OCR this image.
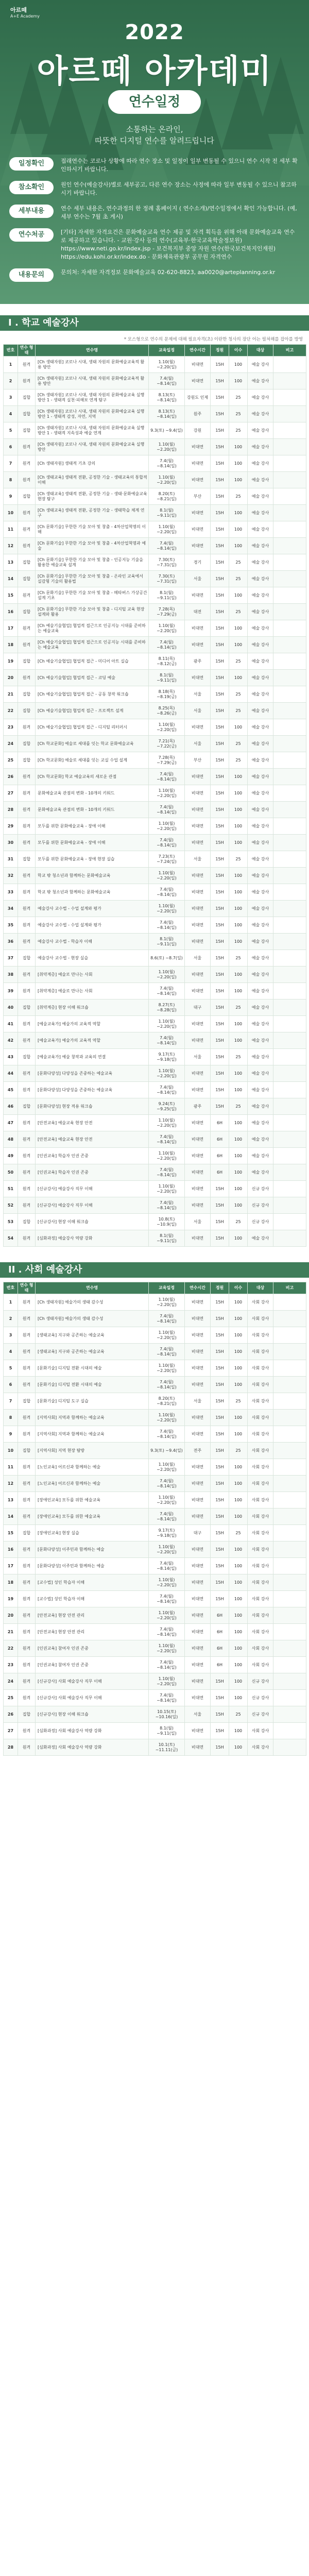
아르떼
A+E Academy
2022
아르떼 아카데미
연수일정
소통하는 온라인,
따뜻한 디지털 연수를 알려드립니다
일정확인	접래연수는 코로나 상황에 따라 연수 장소 및 일정이 일부 변동될 수 있으니 연수 시작 전 세부 확인하시기 바랍니다.
참소확인	원인 연수(예술강사)별로 세부공고, 다른 연수 장소는 사정에 따라 일부 변동될 수 있으니 참고하시기 바랍니다.
세부내용	연수 세부 내용은, 연수과정의 한 정례 홈페이지 ( 연수소개)/연수일정에서 확인 가능합니다. (예, 세부 연수는 7월 초 게시)
연수처공	[기타] 자세한 자격요건은 문화예술교육 연수 제공 및 자격 획득을 위해 아래 문화예술교육 연수로 제공하고 있습니다. - 교원·강사 등의 연수(교육부·한국교육학술정보원) https://www.neti.go.kr/index.jsp - 보건복지부 중앙 자원 연수(한국보건복지인재원) https://edu.kohi.or.kr/index.do - 문화체육관광부 공무원 자격연수
내용문의	문의처: 자세한 자격정보 문화예술교육 02-620-8823, aa0020@arteplanning.or.kr
I . 학교 예술강사
* 모스형으로 연수의 문제에 대해 필요자격(초) 이란한 청사의 장단 어는 필쳐해를 잡아를 방영
번호	연수 형태	연수명	교육일정	연수시간	정원	이수	대상	비고
1	원격	[Ch 생태자원] 코로나 시대, 생태 자원의 문화예술교육적 활용 방안	1.10(월) ~2.20(일)	비대면	15H	100	예술 강사	
2	원격	[Ch 생태자원] 코로나 시대, 생태 자원의 문화예술교육적 활용 방안	7.4(월) ~8.14(일)	비대면	15H	100	예술 강사	
3	집합	[Ch 생태자원] 코로나 시대, 생태 자원의 문화예술교육 실행 방안 1 - 생태적 실천·피해보 연계 탐구	8.13(토) ~8.14(일)	강원도 인제	15H	25	예술 강사	
4	집합	[Ch 생태자원] 코로나 시대, 생태 자원의 문화예술교육 실행 방안 1 - 생태적 감성, 자연, 지역	8.13(토) ~8.14(일)	원주	15H	25	예술 강사	
5	집합	[Ch 생태자원] 코로나 시대, 생태 자원의 문화예술교육 실행 방안 1 - 생태적 지속성과 예술 연계	9.3(토) ~9.4(일)	강원	15H	25	예술 강사	
6	원격	[Ch 생태자원] 코로나 시대, 생태 자원의 문화예술교육 실행 방안	1.10(월) ~2.20(일)	비대면	15H	100	예술 강사	
7	원격	[Ch 생태자원] 생태적 기초 강의	7.4(월) ~8.14(일)	비대면	15H	100	예술 강사	
8	원격	[Ch 생태교육] 생태적 전환, 공정한 기술 - 생태교육의 통합적 이해	1.10(월) ~2.20(일)	비대면	15H	100	예술 강사	
9	집합	[Ch 생태교육] 생태적 전환, 공정한 기술 - 생태·문화예술교육 현장 탐구	8.20(토) ~8.21(일)	부산	15H	25	예술 강사	
10	원격	[Ch 생태교육] 생태적 전환, 공정한 기술 - 생태학습 체계 연구	8.1(월) ~9.11(일)	비대면	15H	100	예술 강사	
11	원격	[Ch 문화기술] 무한한 기술 모아 및 창출 - 4차산업혁명의 이해	1.10(월) ~2.20(일)	비대면	15H	100	예술 강사	
12	원격	[Ch 문화기술] 무한한 기술 모아 및 창출 - 4차산업혁명과 예술	7.4(월) ~8.14(일)	비대면	15H	100	예술 강사	
13	집합	[Ch 문화기술] 무한한 기술 모아 및 창출 - 인공지능 기술을 활용한 예술교육 설계	7.30(토) ~7.31(일)	경기	15H	25	예술 강사	
14	집합	[Ch 문화기술] 무한한 기술 모아 및 창출 - 온라인 교육에서 실감형 기술의 활용법	7.30(토) ~7.31(일)	서울	15H	25	예술 강사	
15	원격	[Ch 문화기술] 무한한 기술 모아 및 창출 - 메타버스 가상공간 설계 기초	8.1(월) ~9.11(일)	비대면	15H	100	예술 강사	
16	집합	[Ch 문화기술] 무한한 기술 모아 및 창출 - 디지털 교육 현장 설계와 활용	7.28(목) ~7.29(금)	대전	15H	25	예술 강사	
17	원격	[Ch 예술기술협업] 협업적 접근으로 인공지능 시대를 준비하는 예술교육	1.10(월) ~2.20(일)	비대면	15H	100	예술 강사	
18	원격	[Ch 예술기술협업] 협업적 접근으로 인공지능 시대를 준비하는 예술교육	7.4(월) ~8.14(일)	비대면	15H	100	예술 강사	
19	집합	[Ch 예술기술협업] 협업적 접근 - 미디어 아트 실습	8.11(목) ~8.12(금)	광주	15H	25	예술 강사	
20	원격	[Ch 예술기술협업] 협업적 접근 - 코딩 예술	8.1(월) ~9.11(일)	비대면	15H	100	예술 강사	
21	집합	[Ch 예술기술협업] 협업적 접근 - 공동 창작 워크숍	8.18(목) ~8.19(금)	서울	15H	25	예술 강사	
22	집합	[Ch 예술기술협업] 협업적 접근 - 프로젝트 설계	8.25(목) ~8.26(금)	서울	15H	25	예술 강사	
23	원격	[Ch 예술기술협업] 협업적 접근 - 디지털 리터러시	1.10(월) ~2.20(일)	비대면	15H	100	예술 강사	
24	집합	[Ch 학교문화] 예술로 세대를 잇는 학교 문화예술교육	7.21(목) ~7.22(금)	서울	15H	25	예술 강사	
25	집합	[Ch 학교문화] 예술로 세대를 잇는 교실 수업 설계	7.28(목) ~7.29(금)	부산	15H	25	예술 강사	
26	원격	[Ch 학교문화] 학교 예술교육의 새로운 관점	7.4(월) ~8.14(일)	비대면	15H	100	예술 강사	
27	원격	문화예술교육 관점의 변화 - 10개의 키워드	1.10(월) ~2.20(일)	비대면	15H	100	예술 강사	
28	원격	문화예술교육 관점의 변화 - 10개의 키워드	7.4(월) ~8.14(일)	비대면	15H	100	예술 강사	
29	원격	모두를 위한 문화예술교육 - 장애 이해	1.10(월) ~2.20(일)	비대면	15H	100	예술 강사	
30	원격	모두를 위한 문화예술교육 - 장애 이해	7.4(월) ~8.14(일)	비대면	15H	100	예술 강사	
31	집합	모두를 위한 문화예술교육 - 장애 현장 실습	7.23(토) ~7.24(일)	서울	15H	25	예술 강사	
32	원격	학교 밖 청소년과 함께하는 문화예술교육	1.10(월) ~2.20(일)	비대면	15H	100	예술 강사	
33	원격	학교 밖 청소년과 함께하는 문화예술교육	7.4(월) ~8.14(일)	비대면	15H	100	예술 강사	
34	원격	예술강사 교수법 - 수업 설계와 평가	1.10(월) ~2.20(일)	비대면	15H	100	예술 강사	
35	원격	예술강사 교수법 - 수업 설계와 평가	7.4(월) ~8.14(일)	비대면	15H	100	예술 강사	
36	원격	예술강사 교수법 - 학습자 이해	8.1(월) ~9.11(일)	비대면	15H	100	예술 강사	
37	집합	예술강사 교수법 - 현장 실습	8.6(토) ~8.7(일)	서울	15H	25	예술 강사	
38	원격	[취약계층] 예술로 만나는 사회	1.10(월) ~2.20(일)	비대면	15H	100	예술 강사	
39	원격	[취약계층] 예술로 만나는 사회	7.4(월) ~8.14(일)	비대면	15H	100	예술 강사	
40	집합	[취약계층] 현장 이해 워크숍	8.27(토) ~8.28(일)	대구	15H	25	예술 강사	
41	원격	[예술교육가] 예술가의 교육적 역할	1.10(월) ~2.20(일)	비대면	15H	100	예술 강사	
42	원격	[예술교육가] 예술가의 교육적 역할	7.4(월) ~8.14(일)	비대면	15H	100	예술 강사	
43	집합	[예술교육가] 예술 창작과 교육의 연결	9.17(토) ~9.18(일)	서울	15H	25	예술 강사	
44	원격	[문화다양성] 다양성을 존중하는 예술교육	1.10(월) ~2.20(일)	비대면	15H	100	예술 강사	
45	원격	[문화다양성] 다양성을 존중하는 예술교육	7.4(월) ~8.14(일)	비대면	15H	100	예술 강사	
46	집합	[문화다양성] 현장 적용 워크숍	9.24(토) ~9.25(일)	광주	15H	25	예술 강사	
47	원격	[안전교육] 예술교육 현장 안전	1.10(월) ~2.20(일)	비대면	6H	100	예술 강사	
48	원격	[안전교육] 예술교육 현장 안전	7.4(월) ~8.14(일)	비대면	6H	100	예술 강사	
49	원격	[인권교육] 학습자 인권 존중	1.10(월) ~2.20(일)	비대면	6H	100	예술 강사	
50	원격	[인권교육] 학습자 인권 존중	7.4(월) ~8.14(일)	비대면	6H	100	예술 강사	
51	원격	[신규강사] 예술강사 직무 이해	1.10(월) ~2.20(일)	비대면	15H	100	신규 강사	
52	원격	[신규강사] 예술강사 직무 이해	7.4(월) ~8.14(일)	비대면	15H	100	신규 강사	
53	집합	[신규강사] 현장 이해 워크숍	10.8(토) ~10.9(일)	서울	15H	25	신규 강사	
54	원격	[심화과정] 예술강사 역량 강화	8.1(월) ~9.11(일)	비대면	15H	100	예술 강사	
II . 사회 예술강사
번호	연수 형태	연수명	교육일정	연수시간	정원	이수	대상	비고
1	원격	[Ch 생태자원] 예술가의 생태 감수성	1.10(월) ~2.20(일)	비대면	15H	100	사회 강사	
2	원격	[Ch 생태자원] 예술가의 생태 감수성	7.4(월) ~8.14(일)	비대면	15H	100	사회 강사	
3	원격	[생태교육] 지구와 공존하는 예술교육	1.10(월) ~2.20(일)	비대면	15H	100	사회 강사	
4	원격	[생태교육] 지구와 공존하는 예술교육	7.4(월) ~8.14(일)	비대면	15H	100	사회 강사	
5	원격	[문화기술] 디지털 전환 시대의 예술	1.10(월) ~2.20(일)	비대면	15H	100	사회 강사	
6	원격	[문화기술] 디지털 전환 시대의 예술	7.4(월) ~8.14(일)	비대면	15H	100	사회 강사	
7	집합	[문화기술] 디지털 도구 실습	8.20(토) ~8.21(일)	서울	15H	25	사회 강사	
8	원격	[지역사회] 지역과 함께하는 예술교육	1.10(월) ~2.20(일)	비대면	15H	100	사회 강사	
9	원격	[지역사회] 지역과 함께하는 예술교육	7.4(월) ~8.14(일)	비대면	15H	100	사회 강사	
10	집합	[지역사회] 지역 현장 탐방	9.3(토) ~9.4(일)	전주	15H	25	사회 강사	
11	원격	[노인교육] 어르신과 함께하는 예술	1.10(월) ~2.20(일)	비대면	15H	100	사회 강사	
12	원격	[노인교육] 어르신과 함께하는 예술	7.4(월) ~8.14(일)	비대면	15H	100	사회 강사	
13	원격	[장애인교육] 모두를 위한 예술교육	1.10(월) ~2.20(일)	비대면	15H	100	사회 강사	
14	원격	[장애인교육] 모두를 위한 예술교육	7.4(월) ~8.14(일)	비대면	15H	100	사회 강사	
15	집합	[장애인교육] 현장 실습	9.17(토) ~9.18(일)	대구	15H	25	사회 강사	
16	원격	[문화다양성] 이주민과 함께하는 예술	1.10(월) ~2.20(일)	비대면	15H	100	사회 강사	
17	원격	[문화다양성] 이주민과 함께하는 예술	7.4(월) ~8.14(일)	비대면	15H	100	사회 강사	
18	원격	[교수법] 성인 학습자 이해	1.10(월) ~2.20(일)	비대면	15H	100	사회 강사	
19	원격	[교수법] 성인 학습자 이해	7.4(월) ~8.14(일)	비대면	15H	100	사회 강사	
20	원격	[안전교육] 현장 안전 관리	1.10(월) ~2.20(일)	비대면	6H	100	사회 강사	
21	원격	[안전교육] 현장 안전 관리	7.4(월) ~8.14(일)	비대면	6H	100	사회 강사	
22	원격	[인권교육] 참여자 인권 존중	1.10(월) ~2.20(일)	비대면	6H	100	사회 강사	
23	원격	[인권교육] 참여자 인권 존중	7.4(월) ~8.14(일)	비대면	6H	100	사회 강사	
24	원격	[신규강사] 사회 예술강사 직무 이해	1.10(월) ~2.20(일)	비대면	15H	100	신규 강사	
25	원격	[신규강사] 사회 예술강사 직무 이해	7.4(월) ~8.14(일)	비대면	15H	100	신규 강사	
26	집합	[신규강사] 현장 이해 워크숍	10.15(토) ~10.16(일)	서울	15H	25	신규 강사	
27	원격	[심화과정] 사회 예술강사 역량 강화	8.1(월) ~9.11(일)	비대면	15H	100	사회 강사	
28	원격	[심화과정] 사회 예술강사 역량 강화	10.1(토) ~11.11(금)	비대면	15H	100	사회 강사	
